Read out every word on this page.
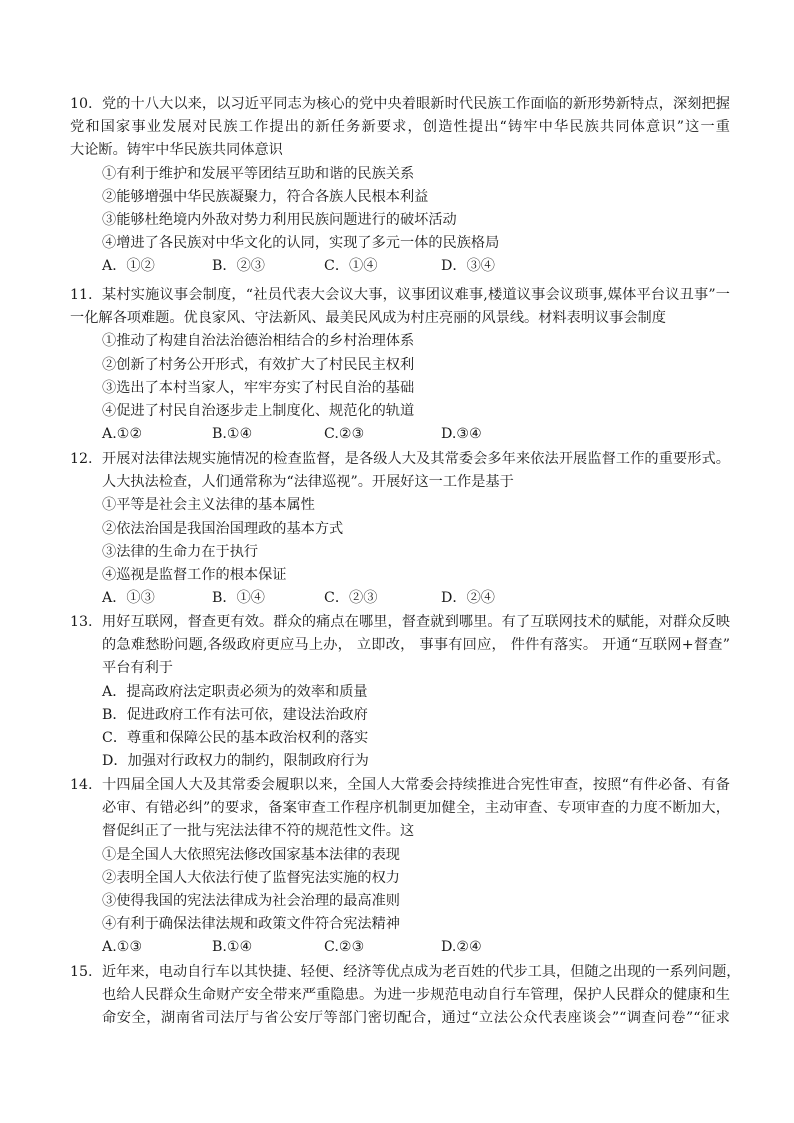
10. 党的十八大以来，以习近平同志为核心的党中央着眼新时代民族工作面临的新形势新特点，深刻把握
党和国家事业发展对民族工作提出的新任务新要求，创造性提出“铸牢中华民族共同体意识”这一重
大论断。铸牢中华民族共同体意识
①有利于维护和发展平等团结互助和谐的民族关系
②能够增强中华民族凝聚力，符合各族人民根本利益
③能够杜绝境内外敌对势力利用民族问题进行的破坏活动
④增进了各民族对中华文化的认同，实现了多元一体的民族格局
A．①②	B．②③	C．①④	D．③④
11. 某村实施议事会制度，“社员代表大会议大事，议事团议难事,楼道议事会议琐事,媒体平台议丑事”一
一化解各项难题。优良家风、守法新风、最美民风成为村庄亮丽的风景线。材料表明议事会制度
①推动了构建自治法治德治相结合的乡村治理体系
②创新了村务公开形式，有效扩大了村民民主权利
③选出了本村当家人，牢牢夯实了村民自治的基础
④促进了村民自治逐步走上制度化、规范化的轨道
A.①②	B.①④	C.②③	D.③④
12. 开展对法律法规实施情况的检查监督，是各级人大及其常委会多年来依法开展监督工作的重要形式。
人大执法检查，人们通常称为“法律巡视”。开展好这一工作是基于
①平等是社会主义法律的基本属性
②依法治国是我国治国理政的基本方式
③法律的生命力在于执行
④巡视是监督工作的根本保证
A．①③	B．①④	C．②③	D．②④
13. 用好互联网，督查更有效。群众的痛点在哪里，督查就到哪里。有了互联网技术的赋能，对群众反映
的急难愁盼问题,各级政府更应马上办， 立即改， 事事有回应， 件件有落实。 开通“互联网+督查”
平台有利于
A．提高政府法定职责必须为的效率和质量
B．促进政府工作有法可依，建设法治政府
C．尊重和保障公民的基本政治权利的落实
D．加强对行政权力的制约，限制政府行为
14. 十四届全国人大及其常委会履职以来，全国人大常委会持续推进合宪性审查，按照“有件必备、有备
必审、有错必纠”的要求，备案审查工作程序机制更加健全，主动审查、专项审查的力度不断加大，
督促纠正了一批与宪法法律不符的规范性文件。这
①是全国人大依照宪法修改国家基本法律的表现
②表明全国人大依法行使了监督宪法实施的权力
③使得我国的宪法法律成为社会治理的最高准则
④有利于确保法律法规和政策文件符合宪法精神
A.①③	B.①④	C.②③	D.②④
15. 近年来，电动自行车以其快捷、轻便、经济等优点成为老百姓的代步工具，但随之出现的一系列问题，
也给人民群众生命财产安全带来严重隐患。为进一步规范电动自行车管理，保护人民群众的健康和生
命安全，湖南省司法厅与省公安厅等部门密切配合，通过“立法公众代表座谈会”“调查问卷”“征求
